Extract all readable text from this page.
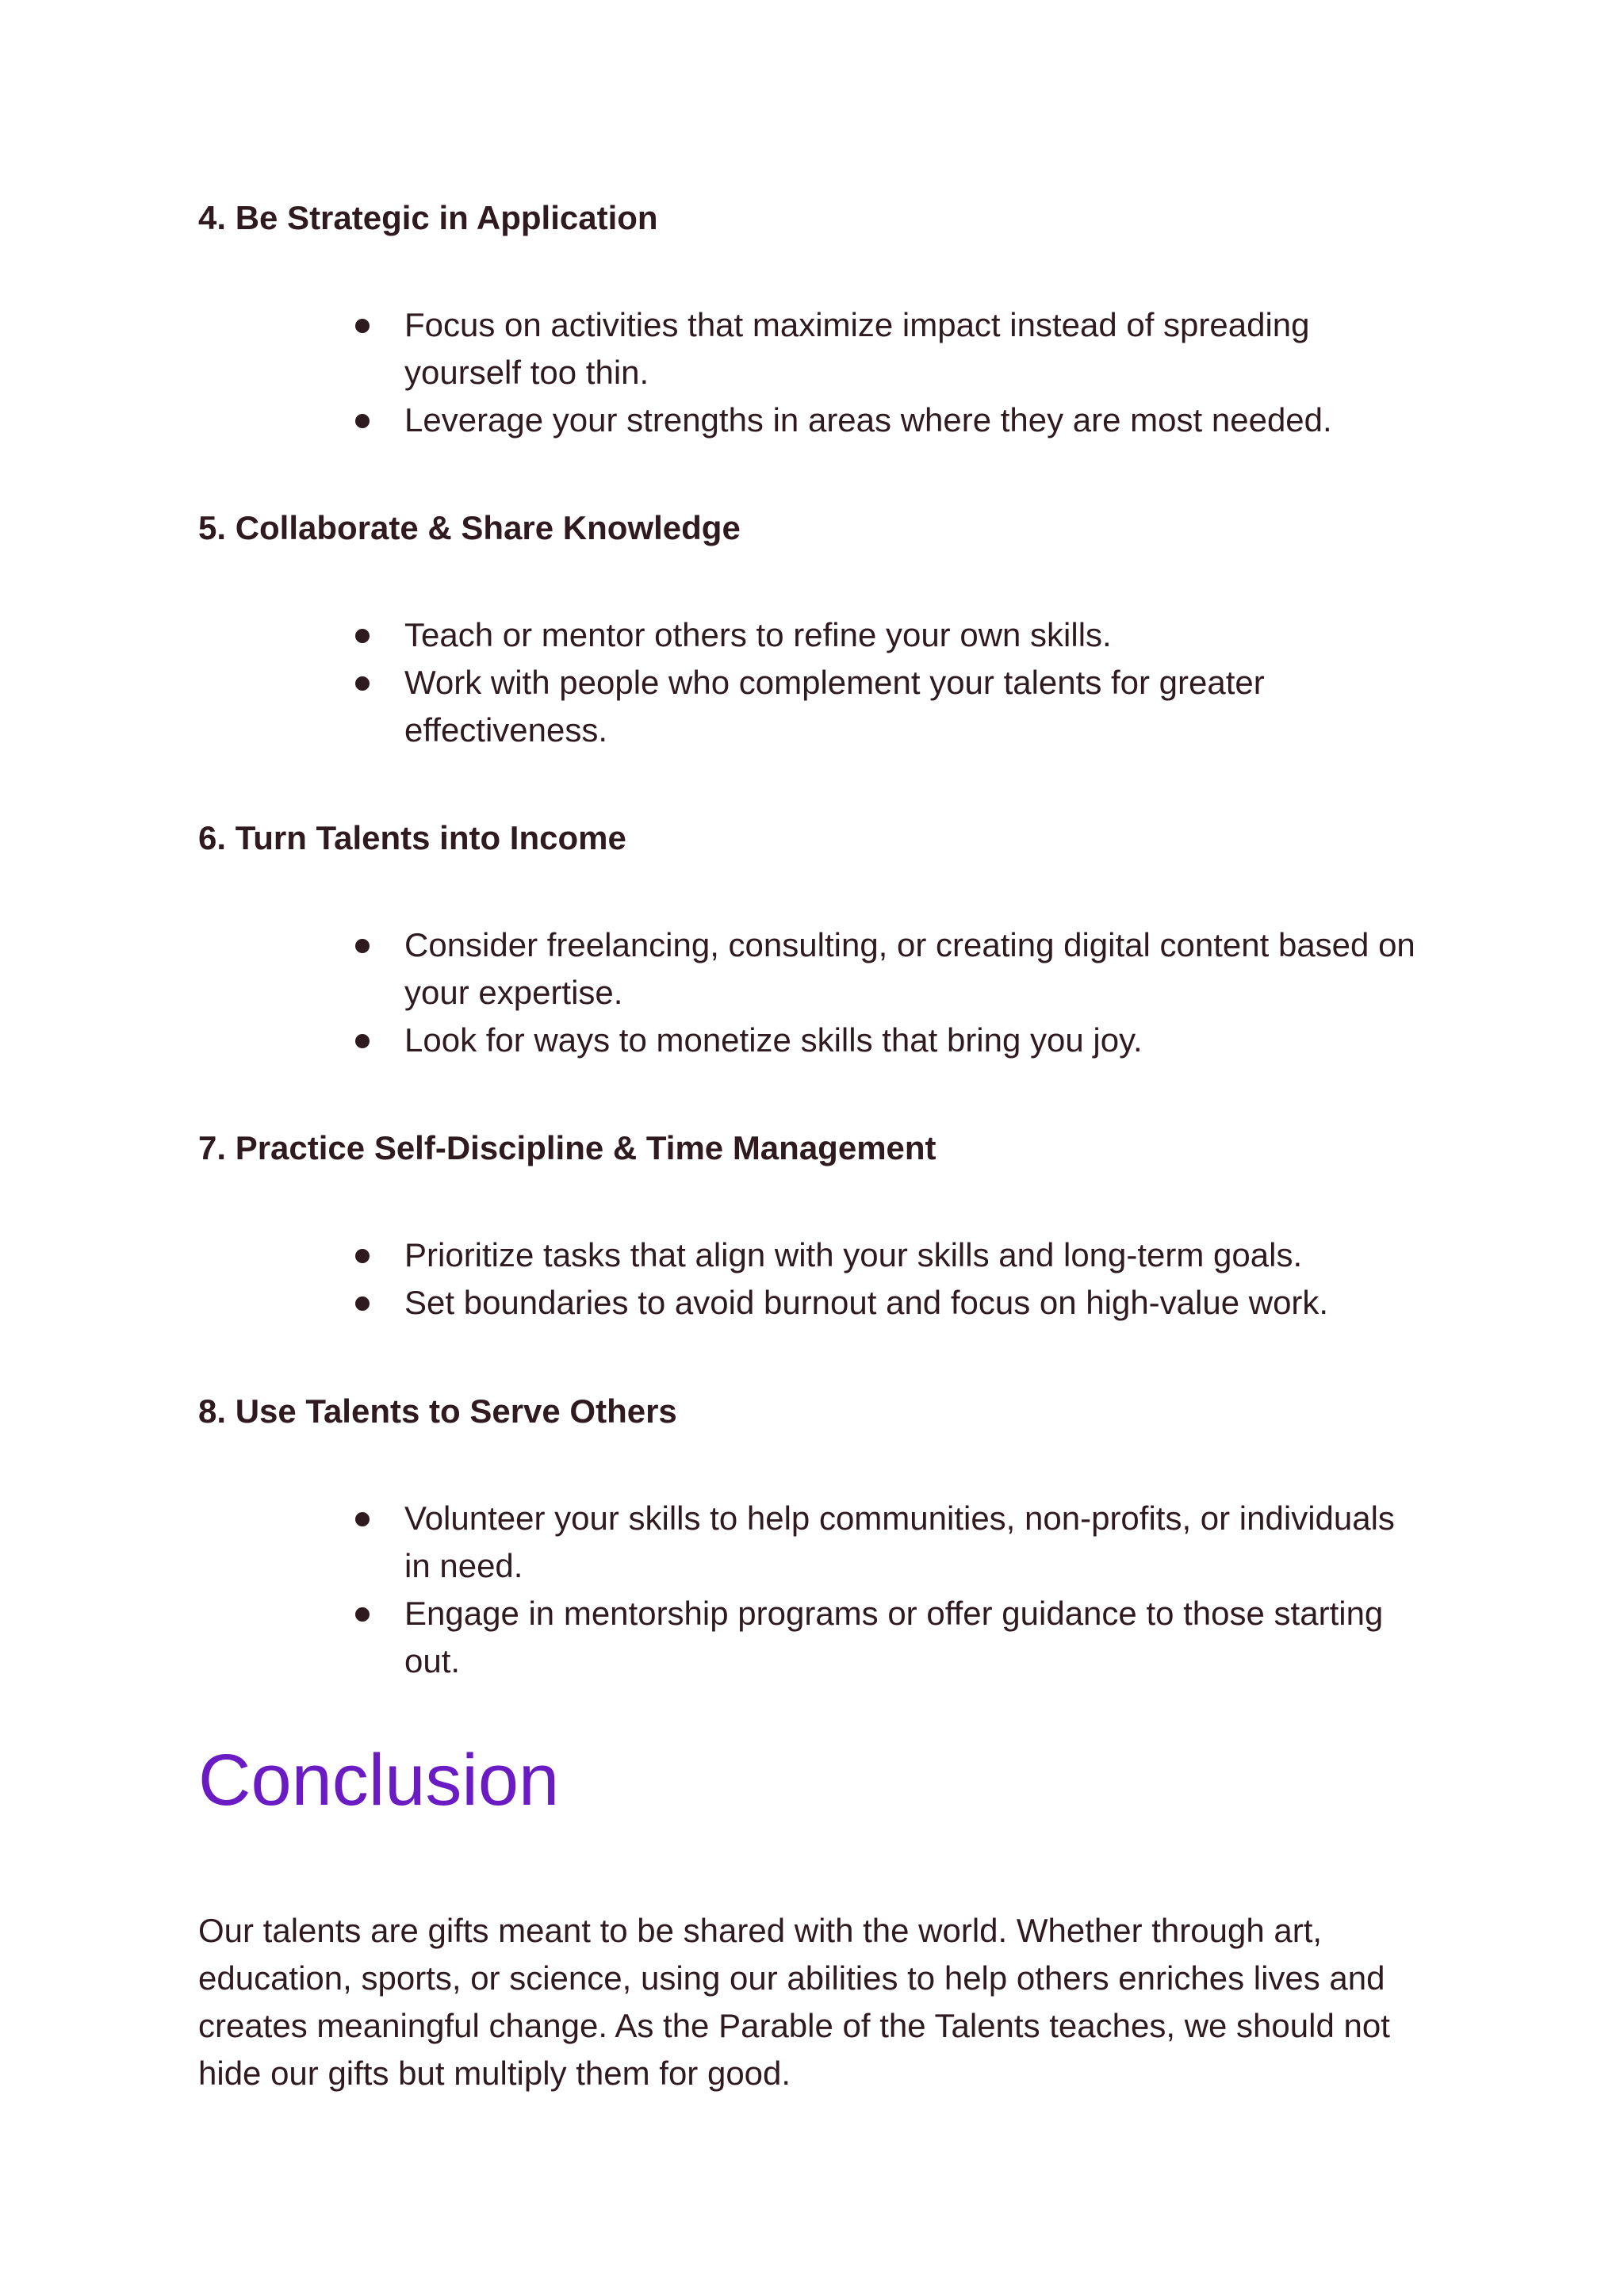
4. Be Strategic in Application
Focus on activities that maximize impact instead of spreading yourself too thin.
Leverage your strengths in areas where they are most needed.
5. Collaborate & Share Knowledge
Teach or mentor others to refine your own skills.
Work with people who complement your talents for greater effectiveness.
6. Turn Talents into Income
Consider freelancing, consulting, or creating digital content based on your expertise.
Look for ways to monetize skills that bring you joy.
7. Practice Self-Discipline & Time Management
Prioritize tasks that align with your skills and long-term goals.
Set boundaries to avoid burnout and focus on high-value work.
8. Use Talents to Serve Others
Volunteer your skills to help communities, non-profits, or individuals in need.
Engage in mentorship programs or offer guidance to those starting out.
Conclusion

Our talents are gifts meant to be shared with the world. Whether through art, education, sports, or science, using our abilities to help others enriches lives and creates meaningful change. As the Parable of the Talents teaches, we should not hide our gifts but multiply them for good.
